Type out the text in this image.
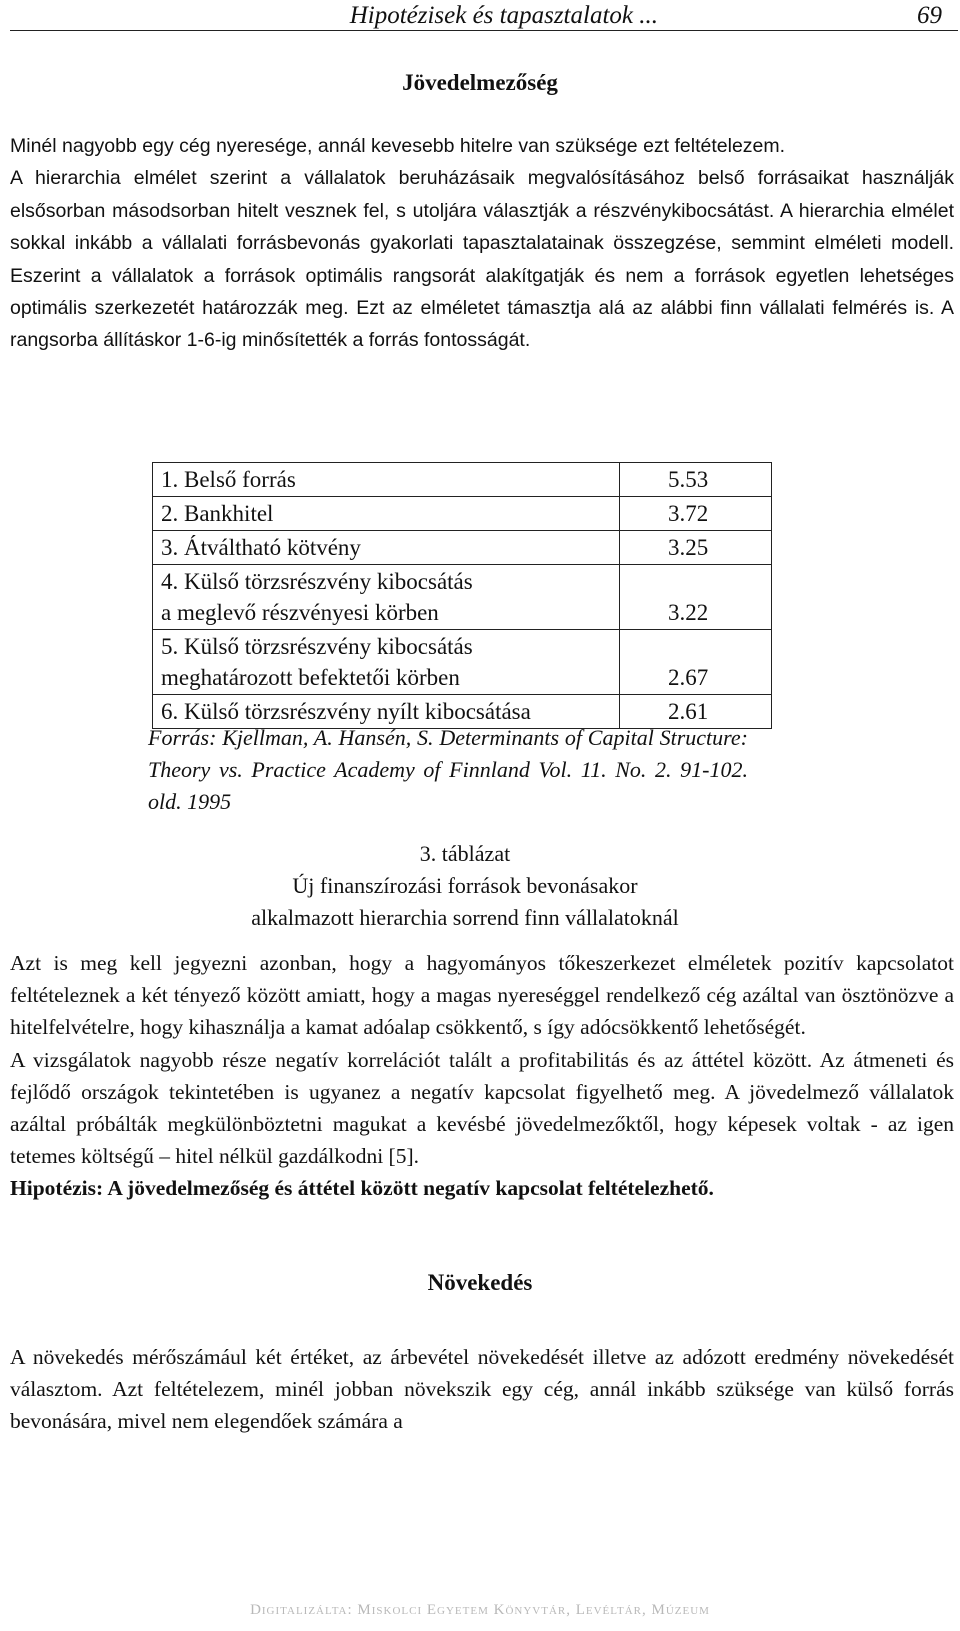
Hipotézisek és tapasztalatok ...	69
Jövedelmezőség

Minél nagyobb egy cég nyeresége, annál kevesebb hitelre van szüksége ezt feltételezem.

A hierarchia elmélet szerint a vállalatok beruházásaik megvalósításához belső forrásaikat használják elsősorban másodsorban hitelt vesznek fel, s utoljára választják a részvénykibocsátást. A hierarchia elmélet sokkal inkább a vállalati forrásbevonás gyakorlati tapasztalatainak összegzése, semmint elméleti modell. Eszerint a vállalatok a források optimális rangsorát alakítgatják és nem a források egyetlen lehetséges optimális szerkezetét határozzák meg. Ezt az elméletet támasztja alá az alábbi finn vállalati felmérés is. A rangsorba állításkor 1-6-ig minősítették a forrás fontosságát.

1. Belső forrás	5.53
2. Bankhitel	3.72
3. Átváltható kötvény	3.25

4. Külső törzsrészvény kibocsátás
a meglevő részvényesi körben	3.22

5. Külső törzsrészvény kibocsátás
meghatározott befektetői körben	2.67
6. Külső törzsrészvény nyílt kibocsátása	2.61
Forrás: Kjellman, A. Hansén, S. Determinants of Capital Structure: Theory vs. Practice Academy of Finnland Vol. 11. No. 2. 91-102. old. 1995
3. táblázat
Új finanszírozási források bevonásakor
alkalmazott hierarchia sorrend finn vállalatoknál

Azt is meg kell jegyezni azonban, hogy a hagyományos tőkeszerkezet elméletek pozitív kapcsolatot feltételeznek a két tényező között amiatt, hogy a magas nyereséggel rendelkező cég azáltal van ösztönözve a hitelfelvételre, hogy kihasználja a kamat adóalap csökkentő, s így adócsökkentő lehetőségét.

A vizsgálatok nagyobb része negatív korrelációt talált a profitabilitás és az áttétel között. Az átmeneti és fejlődő országok tekintetében is ugyanez a negatív kapcsolat figyelhető meg. A jövedelmező vállalatok azáltal próbálták megkülönböztetni magukat a kevésbé jövedelmezőktől, hogy képesek voltak - az igen tetemes költségű – hitel nélkül gazdálkodni [5].

Hipotézis: A jövedelmezőség és áttétel között negatív kapcsolat feltételezhető.

Növekedés

A növekedés mérőszámául két értéket, az árbevétel növekedését illetve az adózott eredmény növekedését választom. Azt feltételezem, minél jobban növekszik egy cég, annál inkább szüksége van külső forrás bevonására, mivel nem elegendőek számára a

Digitalizálta: Miskolci Egyetem Könyvtár, Levéltár, Múzeum
